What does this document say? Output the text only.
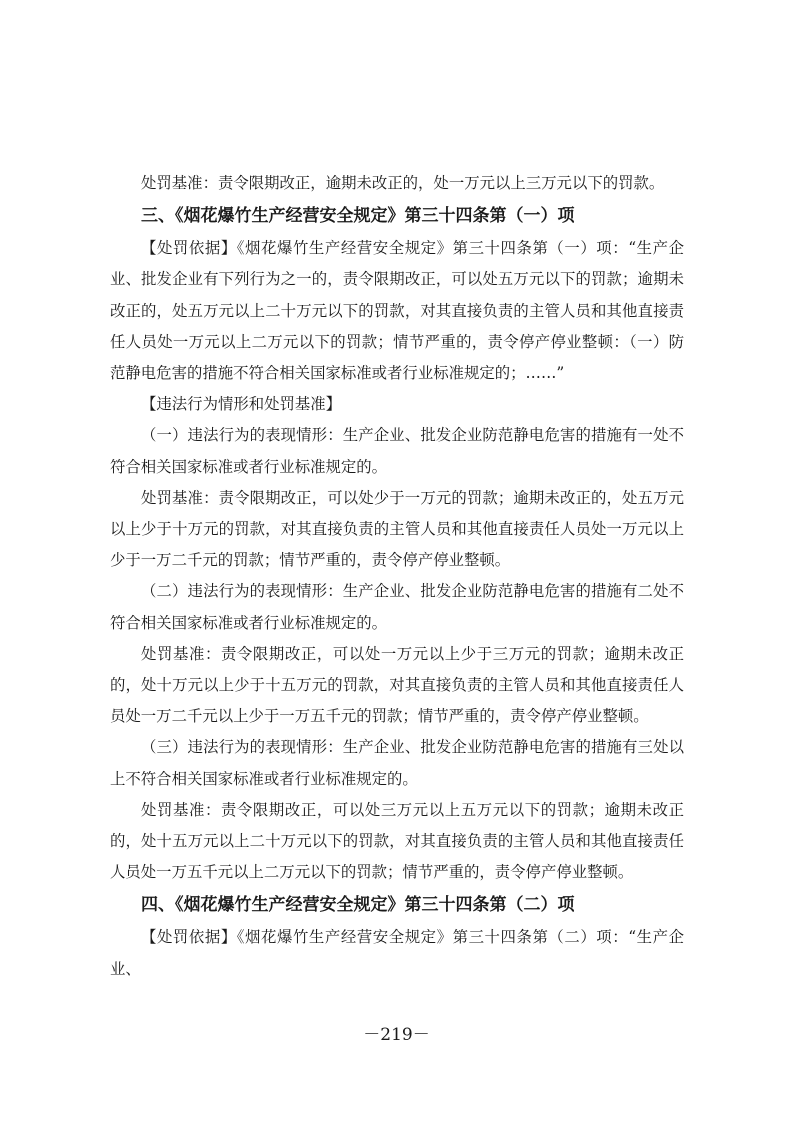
处罚基准：责令限期改正，逾期未改正的，处一万元以上三万元以下的罚款。

三、《烟花爆竹生产经营安全规定》第三十四条第（一）项

【处罚依据】《烟花爆竹生产经营安全规定》第三十四条第（一）项：“生产企业、批发企业有下列行为之一的，责令限期改正，可以处五万元以下的罚款；逾期未改正的，处五万元以上二十万元以下的罚款，对其直接负责的主管人员和其他直接责任人员处一万元以上二万元以下的罚款；情节严重的，责令停产停业整顿：（一）防范静电危害的措施不符合相关国家标准或者行业标准规定的；……”

【违法行为情形和处罚基准】

（一）违法行为的表现情形：生产企业、批发企业防范静电危害的措施有一处不符合相关国家标准或者行业标准规定的。

处罚基准：责令限期改正，可以处少于一万元的罚款；逾期未改正的，处五万元以上少于十万元的罚款，对其直接负责的主管人员和其他直接责任人员处一万元以上少于一万二千元的罚款；情节严重的，责令停产停业整顿。

（二）违法行为的表现情形：生产企业、批发企业防范静电危害的措施有二处不符合相关国家标准或者行业标准规定的。

处罚基准：责令限期改正，可以处一万元以上少于三万元的罚款；逾期未改正的，处十万元以上少于十五万元的罚款，对其直接负责的主管人员和其他直接责任人员处一万二千元以上少于一万五千元的罚款；情节严重的，责令停产停业整顿。

（三）违法行为的表现情形：生产企业、批发企业防范静电危害的措施有三处以上不符合相关国家标准或者行业标准规定的。

处罚基准：责令限期改正，可以处三万元以上五万元以下的罚款；逾期未改正的，处十五万元以上二十万元以下的罚款，对其直接负责的主管人员和其他直接责任人员处一万五千元以上二万元以下的罚款；情节严重的，责令停产停业整顿。

四、《烟花爆竹生产经营安全规定》第三十四条第（二）项

【处罚依据】《烟花爆竹生产经营安全规定》第三十四条第（二）项：“生产企业、

－219－
